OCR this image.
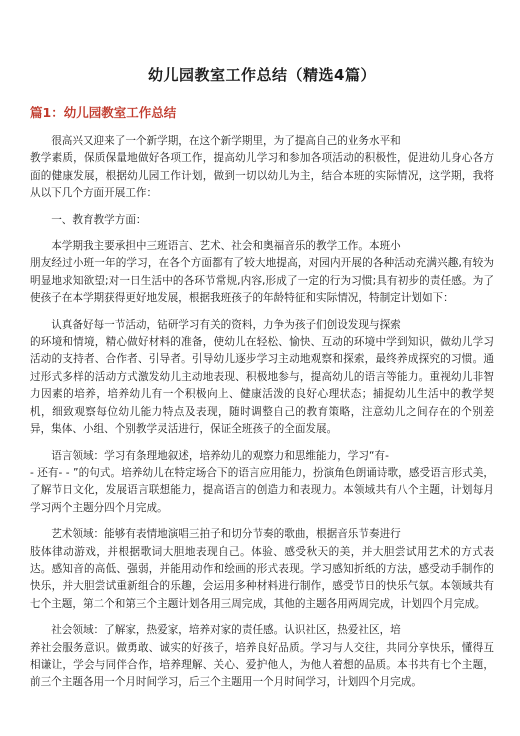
幼儿园教室工作总结（精选4篇）
篇1：幼儿园教室工作总结
很高兴又迎来了一个新学期，在这个新学期里，为了提高自己的业务水平和
教学素质，保质保量地做好各项工作，提高幼儿学习和参加各项活动的积极性，促进幼儿身心各方面的健康发展，根据幼儿园工作计划，做到一切以幼儿为主，结合本班的实际情况，这学期，我将从以下几个方面开展工作：
一、教育教学方面：
本学期我主要承担中三班语言、艺术、社会和奥福音乐的教学工作。本班小
朋友经过小班一年的学习，在各个方面都有了较大地提高，对园内开展的各种活动充满兴趣,有较为明显地求知欲望;对一日生活中的各环节常规,内容,形成了一定的行为习惯;具有初步的责任感。为了使孩子在本学期获得更好地发展，根据我班孩子的年龄特征和实际情况，特制定计划如下：
认真备好每一节活动，钻研学习有关的资料，力争为孩子们创设发现与探索
的环境和情境，精心做好材料的准备，使幼儿在轻松、愉快、互动的环境中学到知识，做幼儿学习活动的支持者、合作者、引导者。引导幼儿逐步学习主动地观察和探索，最终养成探究的习惯。通过形式多样的活动方式激发幼儿主动地表现、积极地参与，提高幼儿的语言等能力。重视幼儿非智力因素的培养，培养幼儿有一个积极向上、健康活泼的良好心理状态；捕捉幼儿生活中的教学契机，细致观察每位幼儿能力特点及表现，随时调整自己的教育策略，注意幼儿之间存在的个别差异，集体、小组、个别教学灵活进行，保证全班孩子的全面发展。
语言领域：学习有条理地叙述，培养幼儿的观察力和思维能力，学习“有-
- 还有- - ”的句式。培养幼儿在特定场合下的语言应用能力，扮演角色朗诵诗歌，感受语言形式美，了解节日文化，发展语言联想能力，提高语言的创造力和表现力。本领域共有八个主题，计划每月学习两个主题分四个月完成。
艺术领域：能够有表情地演唱三拍子和切分节奏的歌曲，根据音乐节奏进行
肢体律动游戏，并根据歌词大胆地表现自己。体验、感受秋天的美，并大胆尝试用艺术的方式表达。感知音的高低、强弱，并能用动作和绘画的形式表现。学习感知折纸的方法，感受动手制作的快乐，并大胆尝试重新组合的乐趣，会运用多种材料进行制作，感受节日的快乐气氛。本领域共有七个主题，第二个和第三个主题计划各用三周完成，其他的主题各用两周完成，计划四个月完成。
社会领域：了解家，热爱家，培养对家的责任感。认识社区，热爱社区，培
养社会服务意识。做勇敢、诚实的好孩子，培养良好品质。学习与人交往，共同分享快乐，懂得互相谦让，学会与同伴合作，培养理解、关心、爱护他人，为他人着想的品质。本书共有七个主题，前三个主题各用一个月时间学习，后三个主题用一个月时间学习，计划四个月完成。
